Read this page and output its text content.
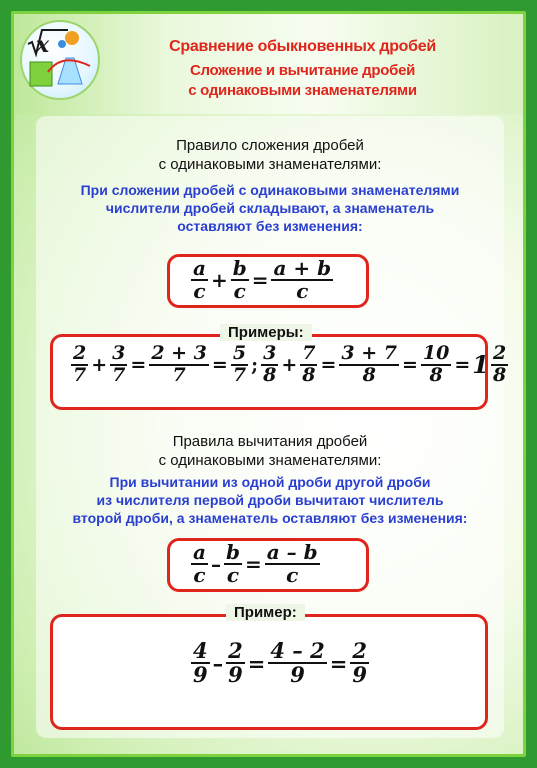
x	Сравнение обыкновенных дробей
Сложение и вычитание дробей
с одинаковыми знаменателями
Правило сложения дробей
с одинаковыми знаменателями:
При сложении дробей с одинаковыми знаменателями
числители дробей складывают, а знаменатель
оставляют без изменения:
$\frac{a}{c} + \frac{b}{c} = \frac{a + b}{c}$
Примеры:
$\frac{2}{7} + \frac{3}{7} = \frac{2 + 3}{7} = \frac{5}{7}$ ; $\frac{3}{8} + \frac{7}{8} = \frac{3 + 7}{8} = \frac{10}{8} = 1 \frac{2}{8}$
Правила вычитания дробей
с одинаковыми знаменателями:
При вычитании из одной дроби другой дроби
из числителя первой дроби вычитают числитель
второй дроби, а знаменатель оставляют без изменения:
$\frac{a}{c} - \frac{b}{c} = \frac{a - b}{c}$
Пример:
$\frac{4}{9} - \frac{2}{9} = \frac{4 - 2}{9} = \frac{2}{9}$
